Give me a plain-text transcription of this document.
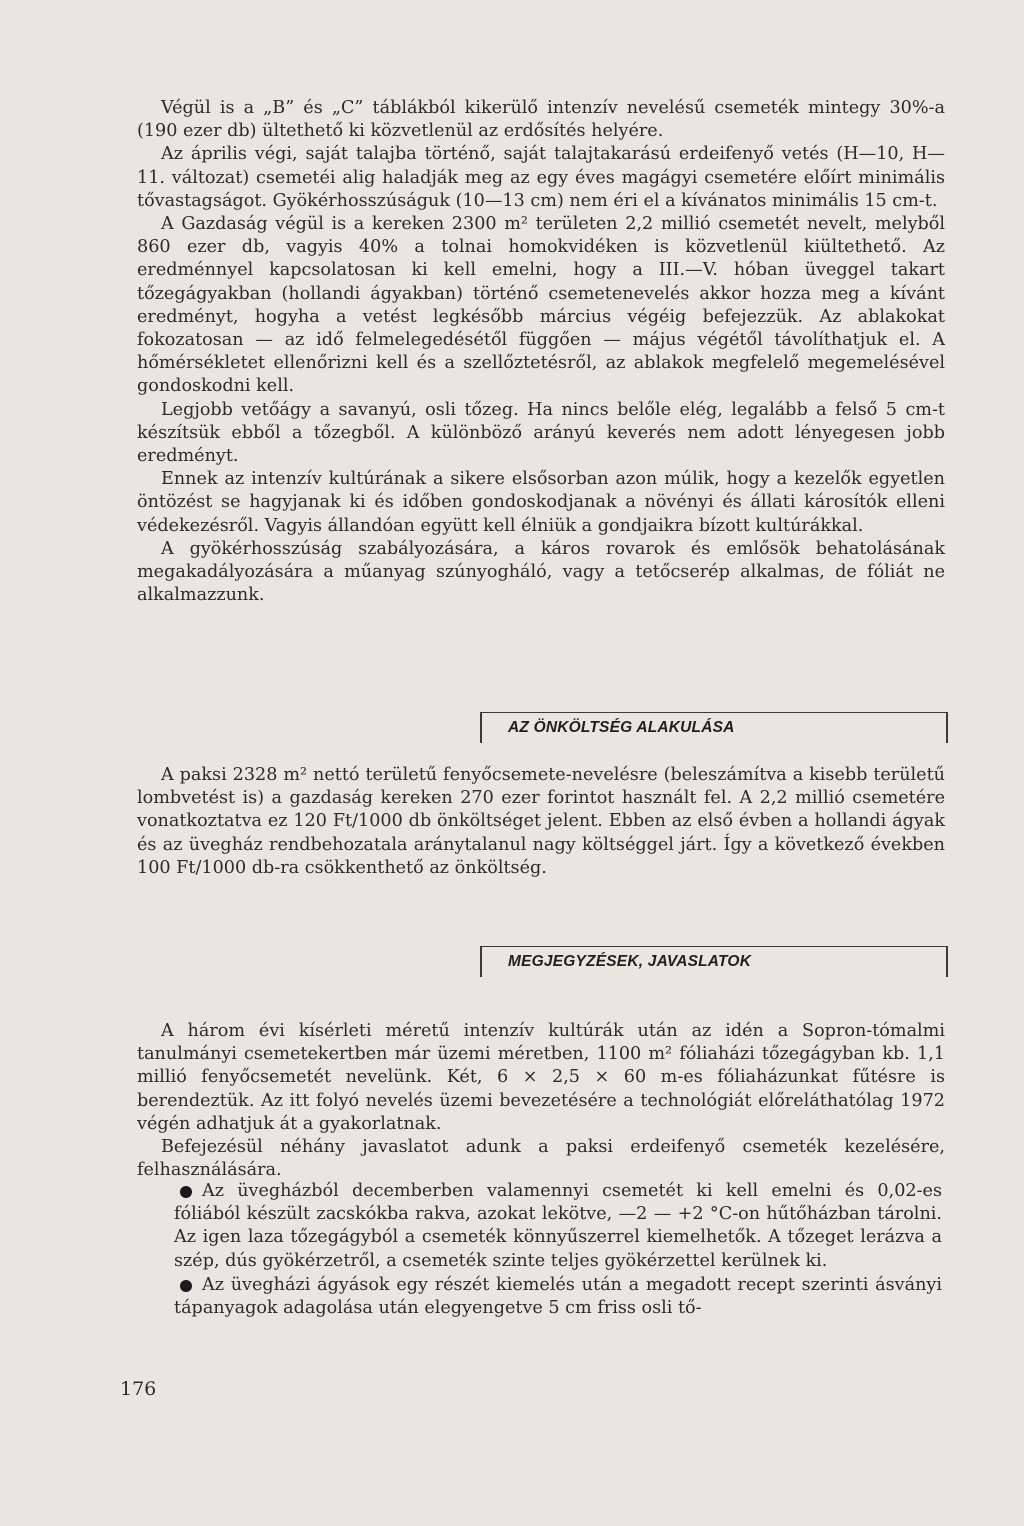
Végül is a „B” és „C” táblákból kikerülő intenzív nevelésű csemeték mintegy 30%-a (190 ezer db) ültethető ki közvetlenül az erdősítés helyére.

Az április végi, saját talajba történő, saját talajtakarású erdeifenyő vetés (H—10, H—11. változat) csemetéi alig haladják meg az egy éves magágyi csemetére előírt minimális tővastagságot. Gyökérhosszúságuk (10—13 cm) nem éri el a kívánatos minimális 15 cm-t.

A Gazdaság végül is a kereken 2300 m² területen 2,2 millió csemetét nevelt, melyből 860 ezer db, vagyis 40% a tolnai homokvidéken is közvetlenül kiültethető. Az eredménnyel kapcsolatosan ki kell emelni, hogy a III.—V. hóban üveggel takart tőzegágyakban (hollandi ágyakban) történő csemetenevelés akkor hozza meg a kívánt eredményt, hogyha a vetést legkésőbb március végéig befejezzük. Az ablakokat fokozatosan — az idő felmelegedésétől függően — május végétől távolíthatjuk el. A hőmérsékletet ellenőrizni kell és a szellőztetésről, az ablakok megfelelő megemelésével gondoskodni kell.

Legjobb vetőágy a savanyú, osli tőzeg. Ha nincs belőle elég, legalább a felső 5 cm-t készítsük ebből a tőzegből. A különböző arányú keverés nem adott lényegesen jobb eredményt.

Ennek az intenzív kultúrának a sikere elsősorban azon múlik, hogy a kezelők egyetlen öntözést se hagyjanak ki és időben gondoskodjanak a növényi és állati károsítók elleni védekezésről. Vagyis állandóan együtt kell élniük a gondjaikra bízott kultúrákkal.

A gyökérhosszúság szabályozására, a káros rovarok és emlősök behatolásának megakadályozására a műanyag szúnyogháló, vagy a tetőcserép alkalmas, de fóliát ne alkalmazzunk.

AZ ÖNKÖLTSÉG ALAKULÁSA

A paksi 2328 m² nettó területű fenyőcsemete-nevelésre (beleszámítva a kisebb területű lombvetést is) a gazdaság kereken 270 ezer forintot használt fel. A 2,2 millió csemetére vonatkoztatva ez 120 Ft/1000 db önköltséget jelent. Ebben az első évben a hollandi ágyak és az üvegház rendbehozatala aránytalanul nagy költséggel járt. Így a következő években 100 Ft/1000 db-ra csökkenthető az önköltség.

MEGJEGYZÉSEK, JAVASLATOK

A három évi kísérleti méretű intenzív kultúrák után az idén a Sopron-tómalmi tanulmányi csemetekertben már üzemi méretben, 1100 m² fóliaházi tőzegágyban kb. 1,1 millió fenyőcsemetét nevelünk. Két, 6 × 2,5 × 60 m-es fóliaházunkat fűtésre is berendeztük. Az itt folyó nevelés üzemi bevezetésére a technológiát előreláthatólag 1972 végén adhatjuk át a gyakorlatnak.

Befejezésül néhány javaslatot adunk a paksi erdeifenyő csemeték kezelésére, felhasználására.

Az üvegházból decemberben valamennyi csemetét ki kell emelni és 0,02-es fóliából készült zacskókba rakva, azokat lekötve, —2 — +2 °C-on hűtőházban tárolni. Az igen laza tőzegágyból a csemeték könnyűszerrel kiemelhetők. A tőzeget lerázva a szép, dús gyökérzetről, a csemeték szinte teljes gyökérzettel kerülnek ki.
Az üvegházi ágyások egy részét kiemelés után a megadott recept szerinti ásványi tápanyagok adagolása után elegyengetve 5 cm friss osli tő-
176
